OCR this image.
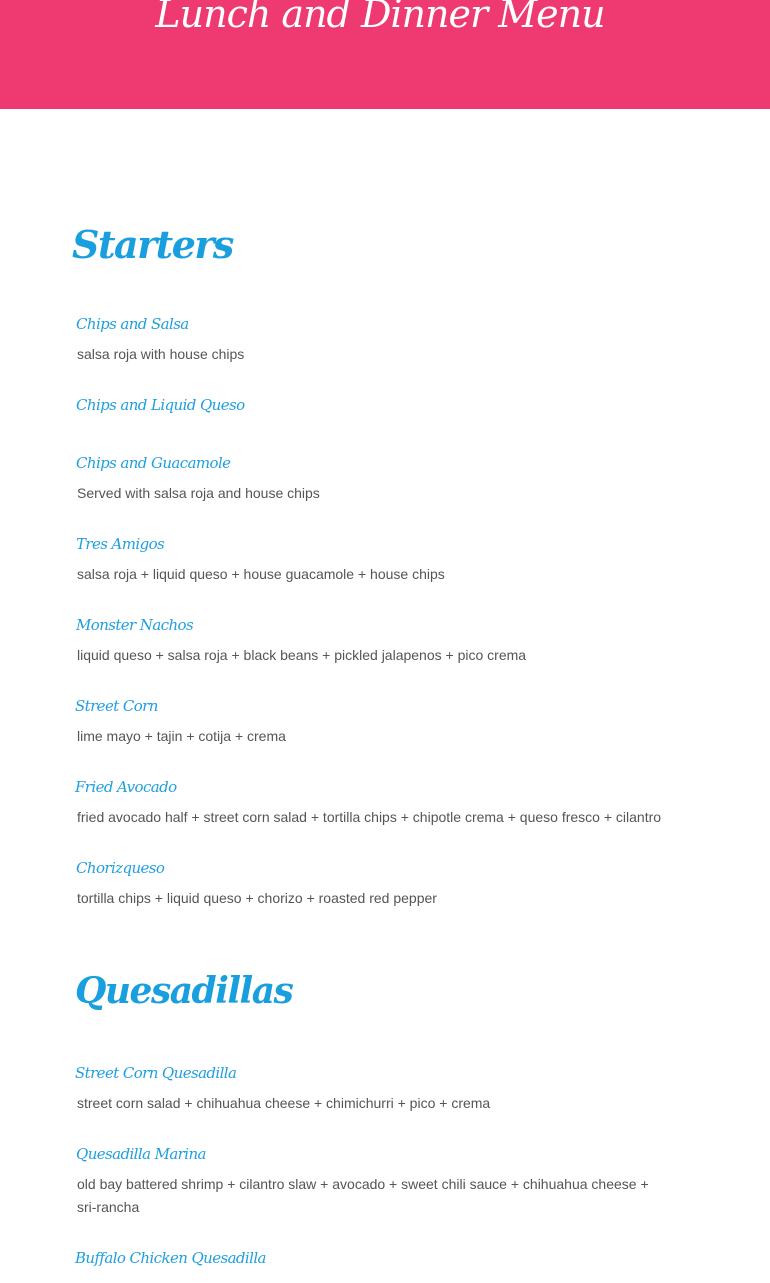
Lunch and Dinner Menu
Starters
Chips and Salsa
salsa roja with house chips
Chips and Liquid Queso
Chips and Guacamole
Served with salsa roja and house chips
Tres Amigos
salsa roja + liquid queso + house guacamole + house chips
Monster Nachos
liquid queso + salsa roja + black beans + pickled jalapenos + pico crema
Street Corn
lime mayo + tajin + cotija + crema
Fried Avocado
fried avocado half + street corn salad + tortilla chips + chipotle crema + queso fresco + cilantro
Chorizqueso
tortilla chips + liquid queso + chorizo + roasted red pepper
Quesadillas
Street Corn Quesadilla
street corn salad + chihuahua cheese + chimichurri + pico + crema
Quesadilla Marina
old bay battered shrimp + cilantro slaw + avocado + sweet chili sauce + chihuahua cheese + sri-rancha
Buffalo Chicken Quesadilla
